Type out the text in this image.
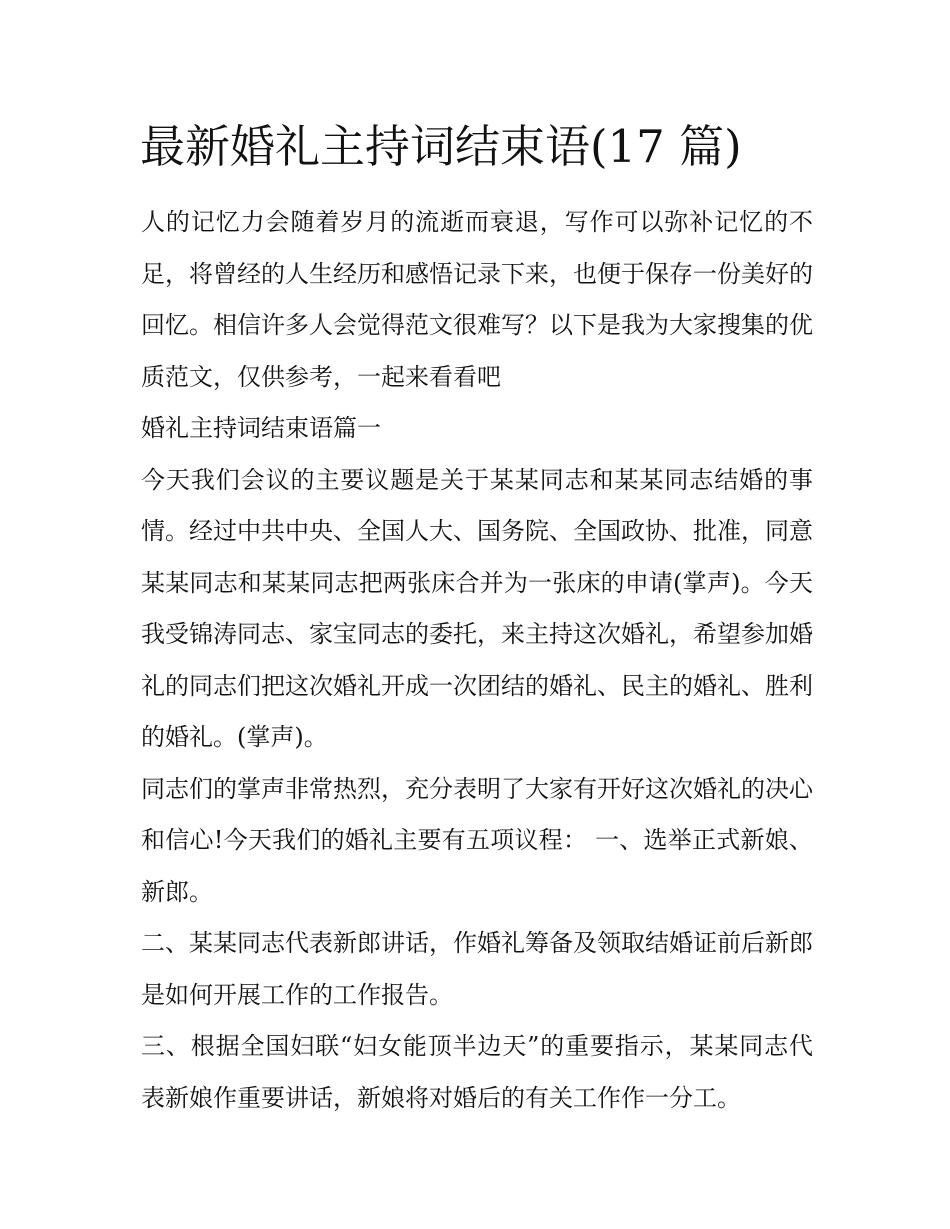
最新婚礼主持词结束语(17 篇)

人的记忆力会随着岁月的流逝而衰退，写作可以弥补记忆的不足，将曾经的人生经历和感悟记录下来，也便于保存一份美好的回忆。相信许多人会觉得范文很难写？以下是我为大家搜集的优质范文，仅供参考，一起来看看吧

婚礼主持词结束语篇一

今天我们会议的主要议题是关于某某同志和某某同志结婚的事情。经过中共中央、全国人大、国务院、全国政协、批准，同意某某同志和某某同志把两张床合并为一张床的申请(掌声)。今天我受锦涛同志、家宝同志的委托，来主持这次婚礼，希望参加婚礼的同志们把这次婚礼开成一次团结的婚礼、民主的婚礼、胜利的婚礼。(掌声)。

同志们的掌声非常热烈，充分表明了大家有开好这次婚礼的决心和信心!今天我们的婚礼主要有五项议程： 一、选举正式新娘、新郎。

二、某某同志代表新郎讲话，作婚礼筹备及领取结婚证前后新郎是如何开展工作的工作报告。

三、根据全国妇联“妇女能顶半边天”的重要指示，某某同志代表新娘作重要讲话，新娘将对婚后的有关工作作一分工。
